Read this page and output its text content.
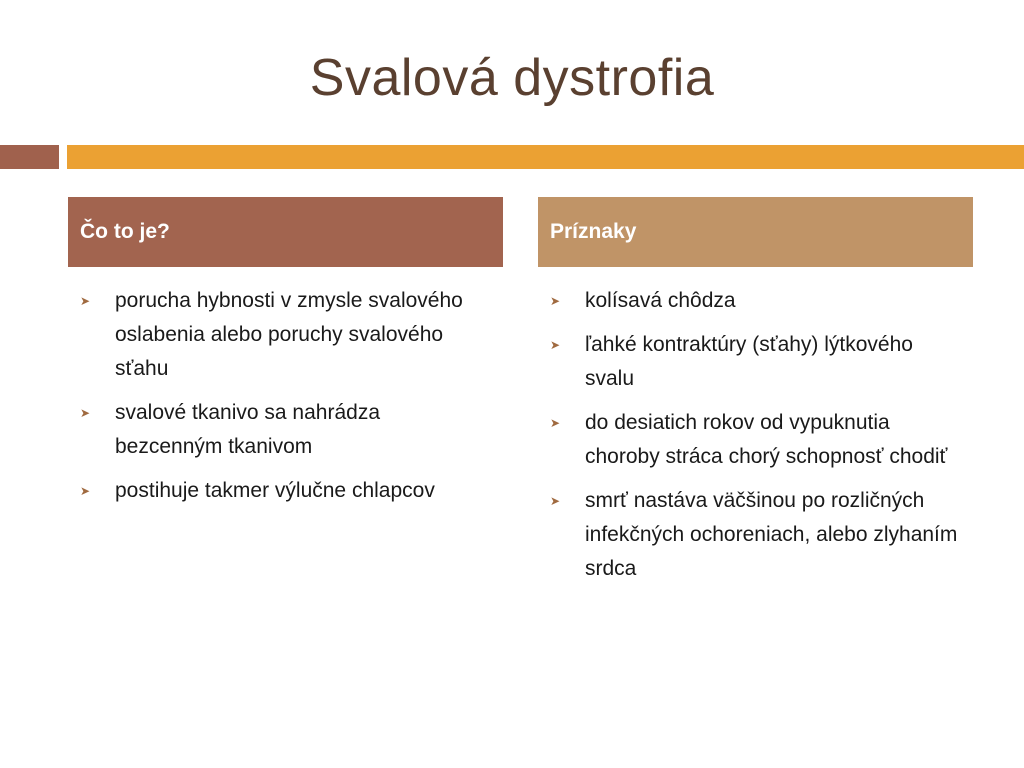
Svalová dystrofia
Čo to je?	Príznaky
➤ porucha hybnosti v zmysle svalového oslabenia alebo poruchy svalového sťahu
➤ svalové tkanivo sa nahrádza bezcenným tkanivom
➤ postihuje takmer výlučne chlapcov
➤ kolísavá chôdza
➤ ľahké kontraktúry (sťahy) lýtkového svalu
➤ do desiatich rokov od vypuknutia choroby stráca chorý schopnosť chodiť
➤ smrť nastáva väčšinou po rozličných infekčných ochoreniach, alebo zlyhaním srdca
